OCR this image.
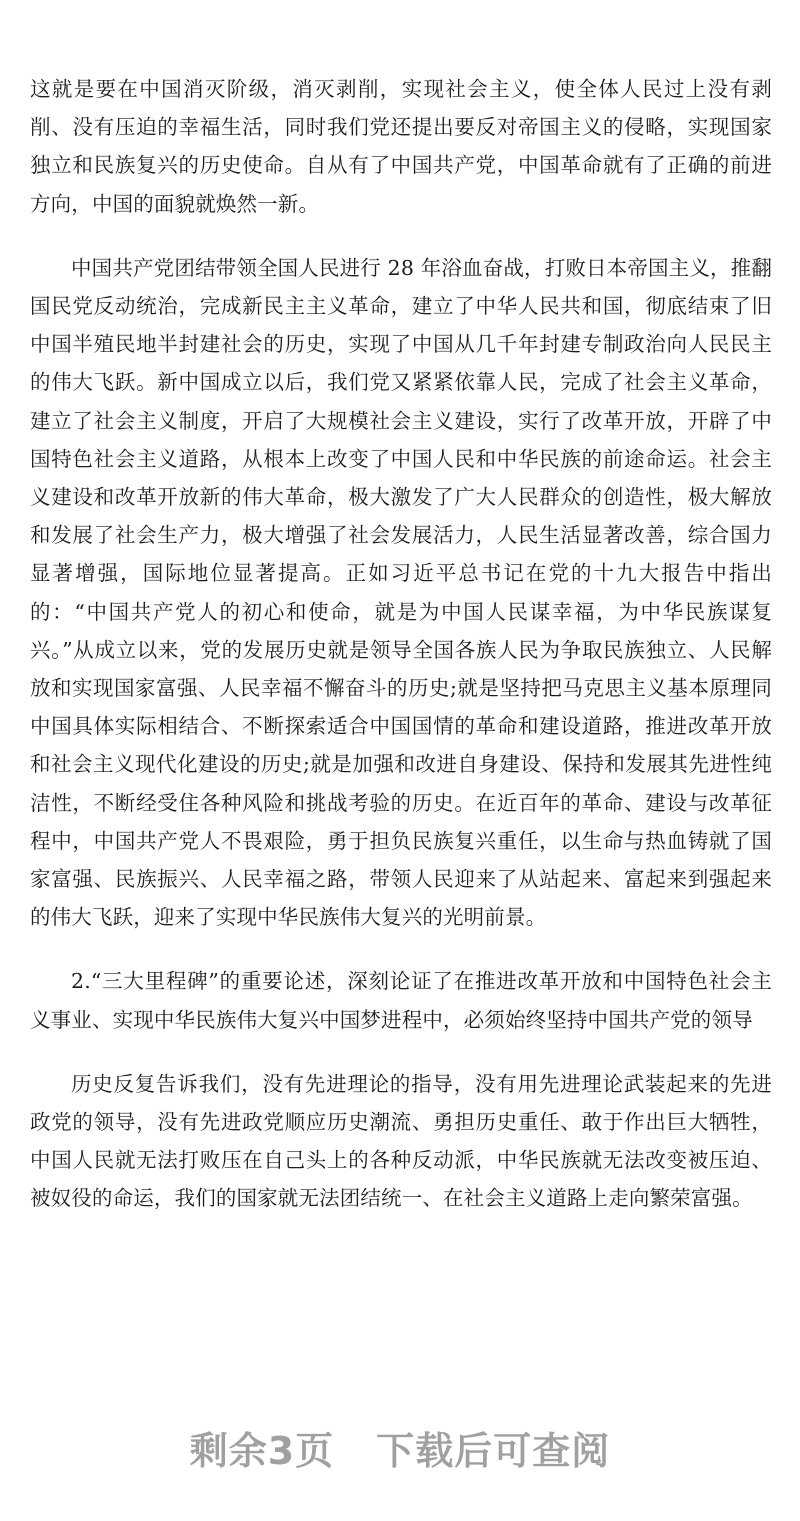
这就是要在中国消灭阶级，消灭剥削，实现社会主义，使全体人民过上没有剥削、没有压迫的幸福生活，同时我们党还提出要反对帝国主义的侵略，实现国家独立和民族复兴的历史使命。自从有了中国共产党，中国革命就有了正确的前进方向，中国的面貌就焕然一新。

中国共产党团结带领全国人民进行 28 年浴血奋战，打败日本帝国主义，推翻国民党反动统治，完成新民主主义革命，建立了中华人民共和国，彻底结束了旧中国半殖民地半封建社会的历史，实现了中国从几千年封建专制政治向人民民主的伟大飞跃。新中国成立以后，我们党又紧紧依靠人民，完成了社会主义革命，建立了社会主义制度，开启了大规模社会主义建设，实行了改革开放，开辟了中国特色社会主义道路，从根本上改变了中国人民和中华民族的前途命运。社会主义建设和改革开放新的伟大革命，极大激发了广大人民群众的创造性，极大解放和发展了社会生产力，极大增强了社会发展活力，人民生活显著改善，综合国力显著增强，国际地位显著提高。正如习近平总书记在党的十九大报告中指出的：“中国共产党人的初心和使命，就是为中国人民谋幸福，为中华民族谋复兴。”从成立以来，党的发展历史就是领导全国各族人民为争取民族独立、人民解放和实现国家富强、人民幸福不懈奋斗的历史;就是坚持把马克思主义基本原理同中国具体实际相结合、不断探索适合中国国情的革命和建设道路，推进改革开放和社会主义现代化建设的历史;就是加强和改进自身建设、保持和发展其先进性纯洁性，不断经受住各种风险和挑战考验的历史。在近百年的革命、建设与改革征程中，中国共产党人不畏艰险，勇于担负民族复兴重任，以生命与热血铸就了国家富强、民族振兴、人民幸福之路，带领人民迎来了从站起来、富起来到强起来的伟大飞跃，迎来了实现中华民族伟大复兴的光明前景。

2.“三大里程碑”的重要论述，深刻论证了在推进改革开放和中国特色社会主义事业、实现中华民族伟大复兴中国梦进程中，必须始终坚持中国共产党的领导

历史反复告诉我们，没有先进理论的指导，没有用先进理论武装起来的先进政党的领导，没有先进政党顺应历史潮流、勇担历史重任、敢于作出巨大牺牲，中国人民就无法打败压在自己头上的各种反动派，中华民族就无法改变被压迫、被奴役的命运，我们的国家就无法团结统一、在社会主义道路上走向繁荣富强。

剩余3页 下载后可查阅
